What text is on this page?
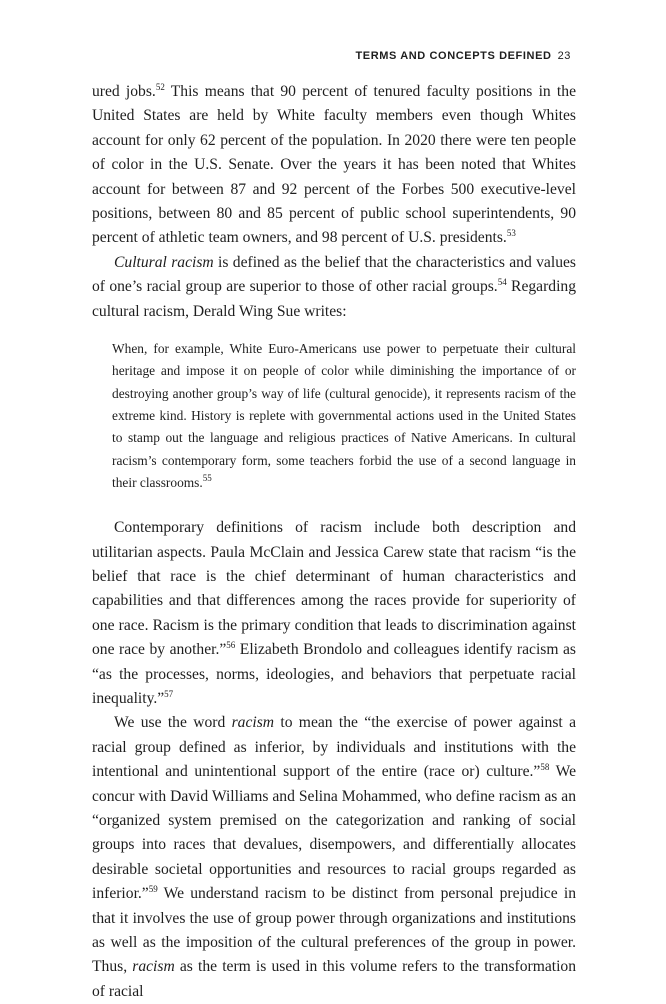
TERMS AND CONCEPTS DEFINED 23

ured jobs.$^{52}$ This means that 90 percent of tenured faculty positions in the United States are held by White faculty members even though Whites account for only 62 percent of the population. In 2020 there were ten people of color in the U.S. Senate. Over the years it has been noted that Whites account for between 87 and 92 percent of the Forbes 500 executive-level positions, between 80 and 85 percent of public school superintendents, 90 percent of athletic team owners, and 98 percent of U.S. presidents.$^{53}$

Cultural racism is defined as the belief that the characteristics and values of one’s racial group are superior to those of other racial groups.$^{54}$ Regarding cultural racism, Derald Wing Sue writes:

When, for example, White Euro-Americans use power to perpetuate their cultural heritage and impose it on people of color while diminishing the importance of or destroying another group’s way of life (cultural genocide), it represents racism of the extreme kind. History is replete with governmental actions used in the United States to stamp out the language and religious practices of Native Americans. In cultural racism’s contemporary form, some teachers forbid the use of a second language in their classrooms.$^{55}$

Contemporary definitions of racism include both description and utilitarian aspects. Paula McClain and Jessica Carew state that racism “is the belief that race is the chief determinant of human characteristics and capabilities and that differences among the races provide for superiority of one race. Racism is the primary condition that leads to discrimination against one race by another.”$^{56}$ Elizabeth Brondolo and colleagues identify racism as “as the processes, norms, ideologies, and behaviors that perpetuate racial inequality.”$^{57}$

We use the word racism to mean the “the exercise of power against a racial group defined as inferior, by individuals and institutions with the intentional and unintentional support of the entire (race or) culture.”$^{58}$ We concur with David Williams and Selina Mohammed, who define racism as an “organized system premised on the categorization and ranking of social groups into races that devalues, disempowers, and differentially allocates desirable societal opportunities and resources to racial groups regarded as inferior.”$^{59}$ We understand racism to be distinct from personal prejudice in that it involves the use of group power through organizations and institutions as well as the imposition of the cultural preferences of the group in power. Thus, racism as the term is used in this volume refers to the transformation of racial
